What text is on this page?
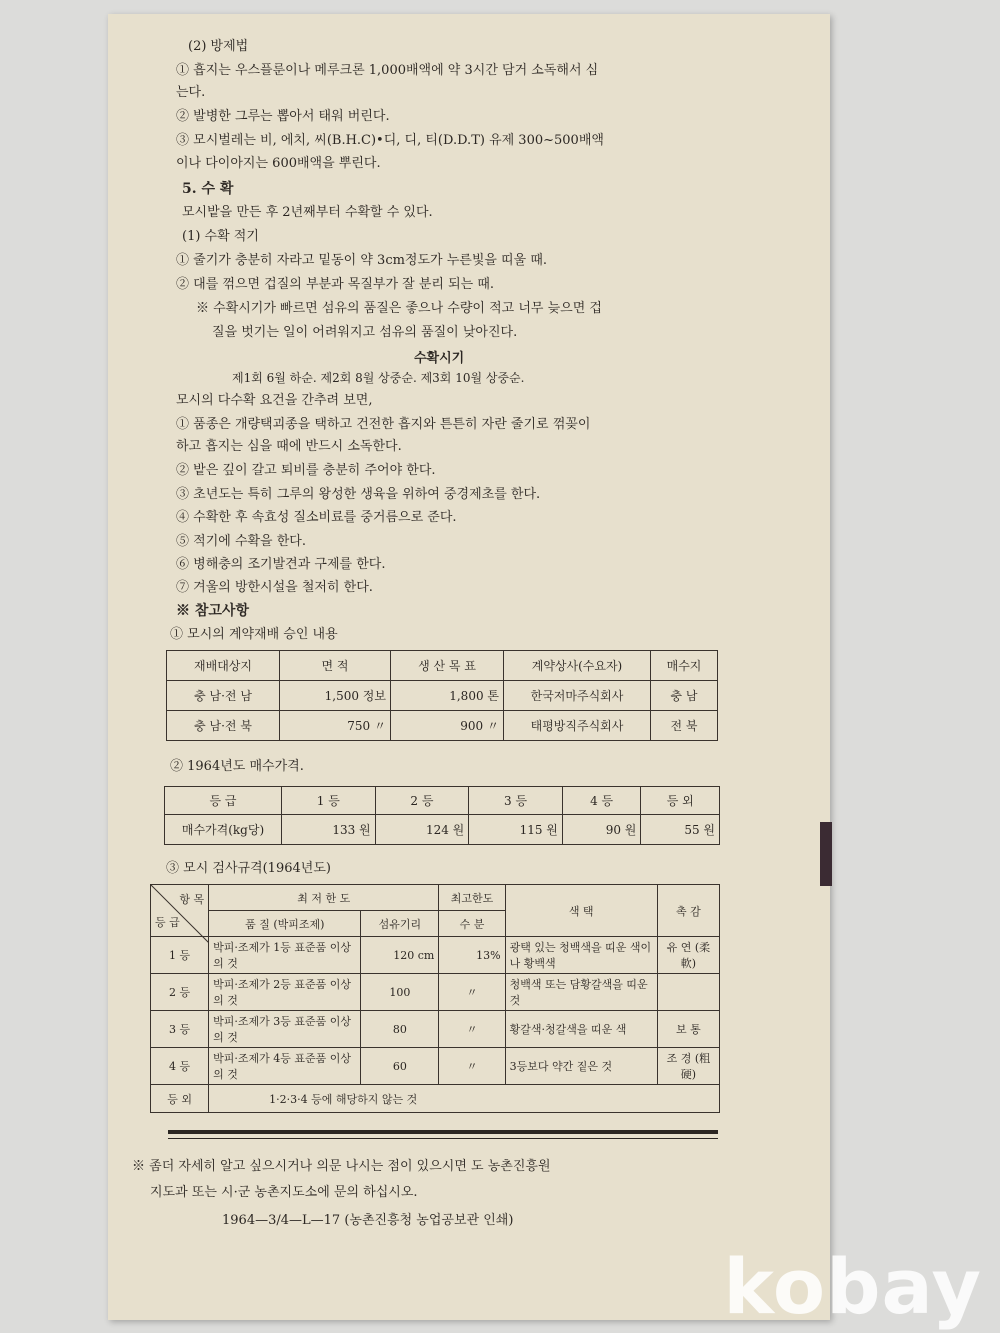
(2) 방제법
① 흡지는 우스플룬이나 메루크론 1,000배액에 약 3시간 담거 소독해서 심
는다.
② 발병한 그루는 뽑아서 태워 버린다.
③ 모시벌레는 비, 에치, 씨(B.H.C)•디, 디, 티(D.D.T) 유제 300~500배액
이나 다이아지는 600배액을 뿌린다.
5. 수 확
모시밭을 만든 후 2년째부터 수확할 수 있다.
(1) 수확 적기
① 줄기가 충분히 자라고 밑동이 약 3cm정도가 누른빛을 띠울 때.
② 대를 꺾으면 겁질의 부분과 목질부가 잘 분리 되는 때.
※ 수확시기가 빠르면 섬유의 품질은 좋으나 수량이 적고 너무 늦으면 겁
질을 벗기는 일이 어려워지고 섬유의 품질이 낮아진다.
수확시기
제1회 6월 하순. 제2회 8월 상중순. 제3회 10월 상중순.
모시의 다수확 요건을 간추려 보면,
① 품종은 개량택괴종을 택하고 건전한 흡지와 튼튼히 자란 줄기로 꺾꽂이
하고 흡지는 심을 때에 반드시 소독한다.
② 밭은 깊이 갈고 퇴비를 충분히 주어야 한다.
③ 초년도는 특히 그루의 왕성한 생육을 위하여 중경제초를 한다.
④ 수확한 후 속효성 질소비료를 중거름으로 준다.
⑤ 적기에 수확을 한다.
⑥ 병해충의 조기발견과 구제를 한다.
⑦ 겨울의 방한시설을 철저히 한다.
※ 참고사항
① 모시의 계약재배 승인 내용
재배대상지	면 적	생 산 목 표	계약상사(수요자)	매수지
충 남·전 남	1,500 정보	1,800 톤	한국저마주식회사	충 남
충 남·전 북	750 〃	900 〃	태평방직주식회사	전 북
② 1964년도 매수가격.
등 급	1 등	2 등	3 등	4 등	등 외
매수가격(kg당)	133 원	124 원	115 원	90 원	55 원
③ 모시 검사규격(1964년도)
항 목
등 급	최 저 한 도		최고한도	색 택	촉 감
	품 질 (박피조제)	섬유기리	수 분		
1 등	박피·조제가 1등 표준품 이상의 것	120 cm	13%	광택 있는 청백색을 띠운 색이나 황백색	유 연 (柔軟)
2 등	박피·조제가 2등 표준품 이상의 것	100	〃	청백색 또는 담황갈색을 띠운 것	
3 등	박피·조제가 3등 표준품 이상의 것	80	〃	황갈색·청갈색을 띠운 색	보 통
4 등	박피·조제가 4등 표준품 이상의 것	60	〃	3등보다 약간 짙은 것	조 경 (粗硬)
등 외	1·2·3·4 등에 해당하지 않는 것				
※ 좀더 자세히 알고 싶으시거나 의문 나시는 점이 있으시면 도 농촌진흥원
지도과 또는 시·군 농촌지도소에 문의 하십시오.
1964—3/4—L—17 (농촌진흥청 농업공보관 인쇄)
kobay
